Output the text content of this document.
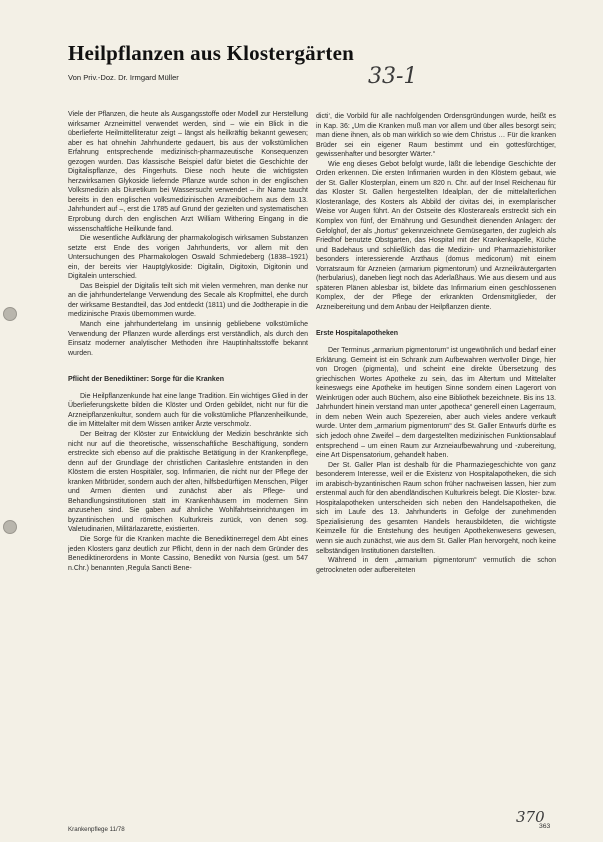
Heilpflanzen aus Klostergärten
Von Priv.-Doz. Dr. Irmgard Müller	33-1

Viele der Pflanzen, die heute als Ausgangsstoffe oder Modell zur Herstellung wirksamer Arzneimittel verwendet werden, sind – wie ein Blick in die überlieferte Heilmittelliteratur zeigt – längst als heilkräftig bekannt gewesen; aber es hat ohnehin Jahrhunderte gedauert, bis aus der volkstümlichen Erfahrung entsprechende medizinisch-pharmazeutische Konsequenzen gezogen wurden. Das klassische Beispiel dafür bietet die Geschichte der Digitalispflanze, des Fingerhuts. Diese noch heute die wichtigsten herzwirksamen Glykoside liefernde Pflanze wurde schon in der englischen Volksmedizin als Diuretikum bei Wassersucht verwendet – ihr Name taucht bereits in den englischen volksmedizinischen Arzneibüchern aus dem 13. Jahrhundert auf –, erst die 1785 auf Grund der gezielten und systematischen Erprobung durch den englischen Arzt William Withering Eingang in die wissenschaftliche Heilkunde fand.

Die wesentliche Aufklärung der pharmakologisch wirksamen Substanzen setzte erst Ende des vorigen Jahrhunderts, vor allem mit den Untersuchungen des Pharmakologen Oswald Schmiedeberg (1838–1921) ein, der bereits vier Hauptglykoside: Digitalin, Digitoxin, Digitonin und Digitalein unterschied.

Das Beispiel der Digitalis teilt sich mit vielen vermehren, man denke nur an die jahrhundertelange Verwendung des Secale als Kropfmittel, ehe durch der wirksame Bestandteil, das Jod entdeckt (1811) und die Jodtherapie in die medizinische Praxis übernommen wurde.

Manch eine jahrhundertelang im unsinnig gebliebene volkstümliche Verwendung der Pflanzen wurde allerdings erst verständlich, als durch den Einsatz moderner analytischer Methoden ihre Hauptinhaltsstoffe bekannt wurden.

Pflicht der Benediktiner: Sorge für die Kranken

Die Heilpflanzenkunde hat eine lange Tradition. Ein wichtiges Glied in der Überlieferungskette bilden die Klöster und Orden gebildet, nicht nur für die Arzneipflanzenkultur, sondern auch für die volkstümliche Pflanzenheilkunde, die im Mittelalter mit dem Wissen antiker Ärzte verschmolz.

Der Beitrag der Klöster zur Entwicklung der Medizin beschränkte sich nicht nur auf die theoretische, wissenschaftliche Beschäftigung, sondern erstreckte sich ebenso auf die praktische Betätigung in der Krankenpflege, denn auf der Grundlage der christlichen Caritaslehre entstanden in den Klöstern die ersten Hospitäler, sog. Infirmarien, die nicht nur der Pflege der kranken Mitbrüder, sondern auch der alten, hilfsbedürftigen Menschen, Pilger und Armen dienten und zunächst aber als Pflege- und Behandlungsinstitutionen statt im Krankenhäusern im modernen Sinn anzusehen sind. Sie gaben auf ähnliche Wohlfahrtseinrichtungen im byzantinischen und römischen Kulturkreis zurück, von denen sog. Valetudinarien, Militärlazarette, existierten.

Die Sorge für die Kranken machte die Benediktinerregel dem Abt eines jeden Klosters ganz deutlich zur Pflicht, denn in der nach dem Gründer des Benediktinerordens in Monte Cassino, Benedikt von Nursia (gest. um 547 n.Chr.) benannten ‚Regula Sancti Bene-

dicti‘, die Vorbild für alle nachfolgenden Ordensgründungen wurde, heißt es in Kap. 36: „Um die Kranken muß man vor allem und über alles besorgt sein; man diene ihnen, als ob man wirklich so wie dem Christus … Für die kranken Brüder sei ein eigener Raum bestimmt und ein gottesfürchtiger, gewissenhafter und besorgter Wärter.“

Wie eng dieses Gebot befolgt wurde, läßt die lebendige Geschichte der Orden erkennen. Die ersten Infirmarien wurden in den Klöstern gebaut, wie der St. Galler Klosterplan, einem um 820 n. Chr. auf der Insel Reichenau für das Kloster St. Gallen hergestellten Idealplan, der die mittelalterlichen Klosteranlage, des Kosters als Abbild der civitas dei, in exemplarischer Weise vor Augen führt. An der Ostseite des Klosterareals erstreckt sich ein Komplex von fünf, der Ernährung und Gesundheit dienenden Anlagen: der Gefolghof, der als „hortus“ gekennzeichnete Gemüsegarten, der zugleich als Friedhof benutzte Obstgarten, das Hospital mit der Krankenkapelle, Küche und Badehaus und schließlich das die Medizin- und Pharmaziehistoriker besonders interessierende Arzthaus (domus medicorum) mit einem Vorratsraum für Arzneien (armarium pigmentorum) und Arzneikräutergarten (herbularius), daneben liegt noch das Aderlaßhaus. Wie aus diesem und aus späteren Plänen ablesbar ist, bildete das Infirmarium einen geschlossenen Komplex, der der Pflege der erkrankten Ordensmitglieder, der Arzneibereitung und dem Anbau der Heilpflanzen diente.

Erste Hospitalapotheken

Der Terminus „armarium pigmentorum“ ist ungewöhnlich und bedarf einer Erklärung. Gemeint ist ein Schrank zum Aufbewahren wertvoller Dinge, hier von Drogen (pigmenta), und scheint eine direkte Übersetzung des griechischen Wortes Apotheke zu sein, das im Altertum und Mittelalter keineswegs eine Apotheke im heutigen Sinne sondern einen Lagerort von Weinkrügen oder auch Büchern, also eine Bibliothek bezeichnete. Bis ins 13. Jahrhundert hinein verstand man unter „apotheca“ generell einen Lagerraum, in dem neben Wein auch Spezereien, aber auch vieles andere verkauft wurde. Unter dem „armarium pigmentorum“ des St. Galler Entwurfs dürfte es sich jedoch ohne Zweifel – dem dargestellten medizinischen Funktionsablauf entsprechend – um einen Raum zur Arzneiaufbewahrung und -zubereitung, eine Art Dispensatorium, gehandelt haben.

Der St. Galler Plan ist deshalb für die Pharmaziegeschichte von ganz besonderem Interesse, weil er die Existenz von Hospitalapotheken, die sich im arabisch-byzantinischen Raum schon früher nachweisen lassen, hier zum erstenmal auch für den abendländischen Kulturkreis belegt. Die Kloster- bzw. Hospitalapotheken unterscheiden sich neben den Handelsapotheken, die sich im Laufe des 13. Jahrhunderts in Gefolge der zunehmenden Spezialisierung des gesamten Handels herausbildeten, die wichtigste Keimzelle für die Entstehung des heutigen Apothekenwesens gewesen, wenn sie auch zunächst, wie aus dem St. Galler Plan hervorgeht, noch keine selbständigen Institutionen darstellten.

Während in dem „armarium pigmentorum“ vermutlich die schon getrockneten oder aufbereiteten

Krankenpflege 11/78	363
370
